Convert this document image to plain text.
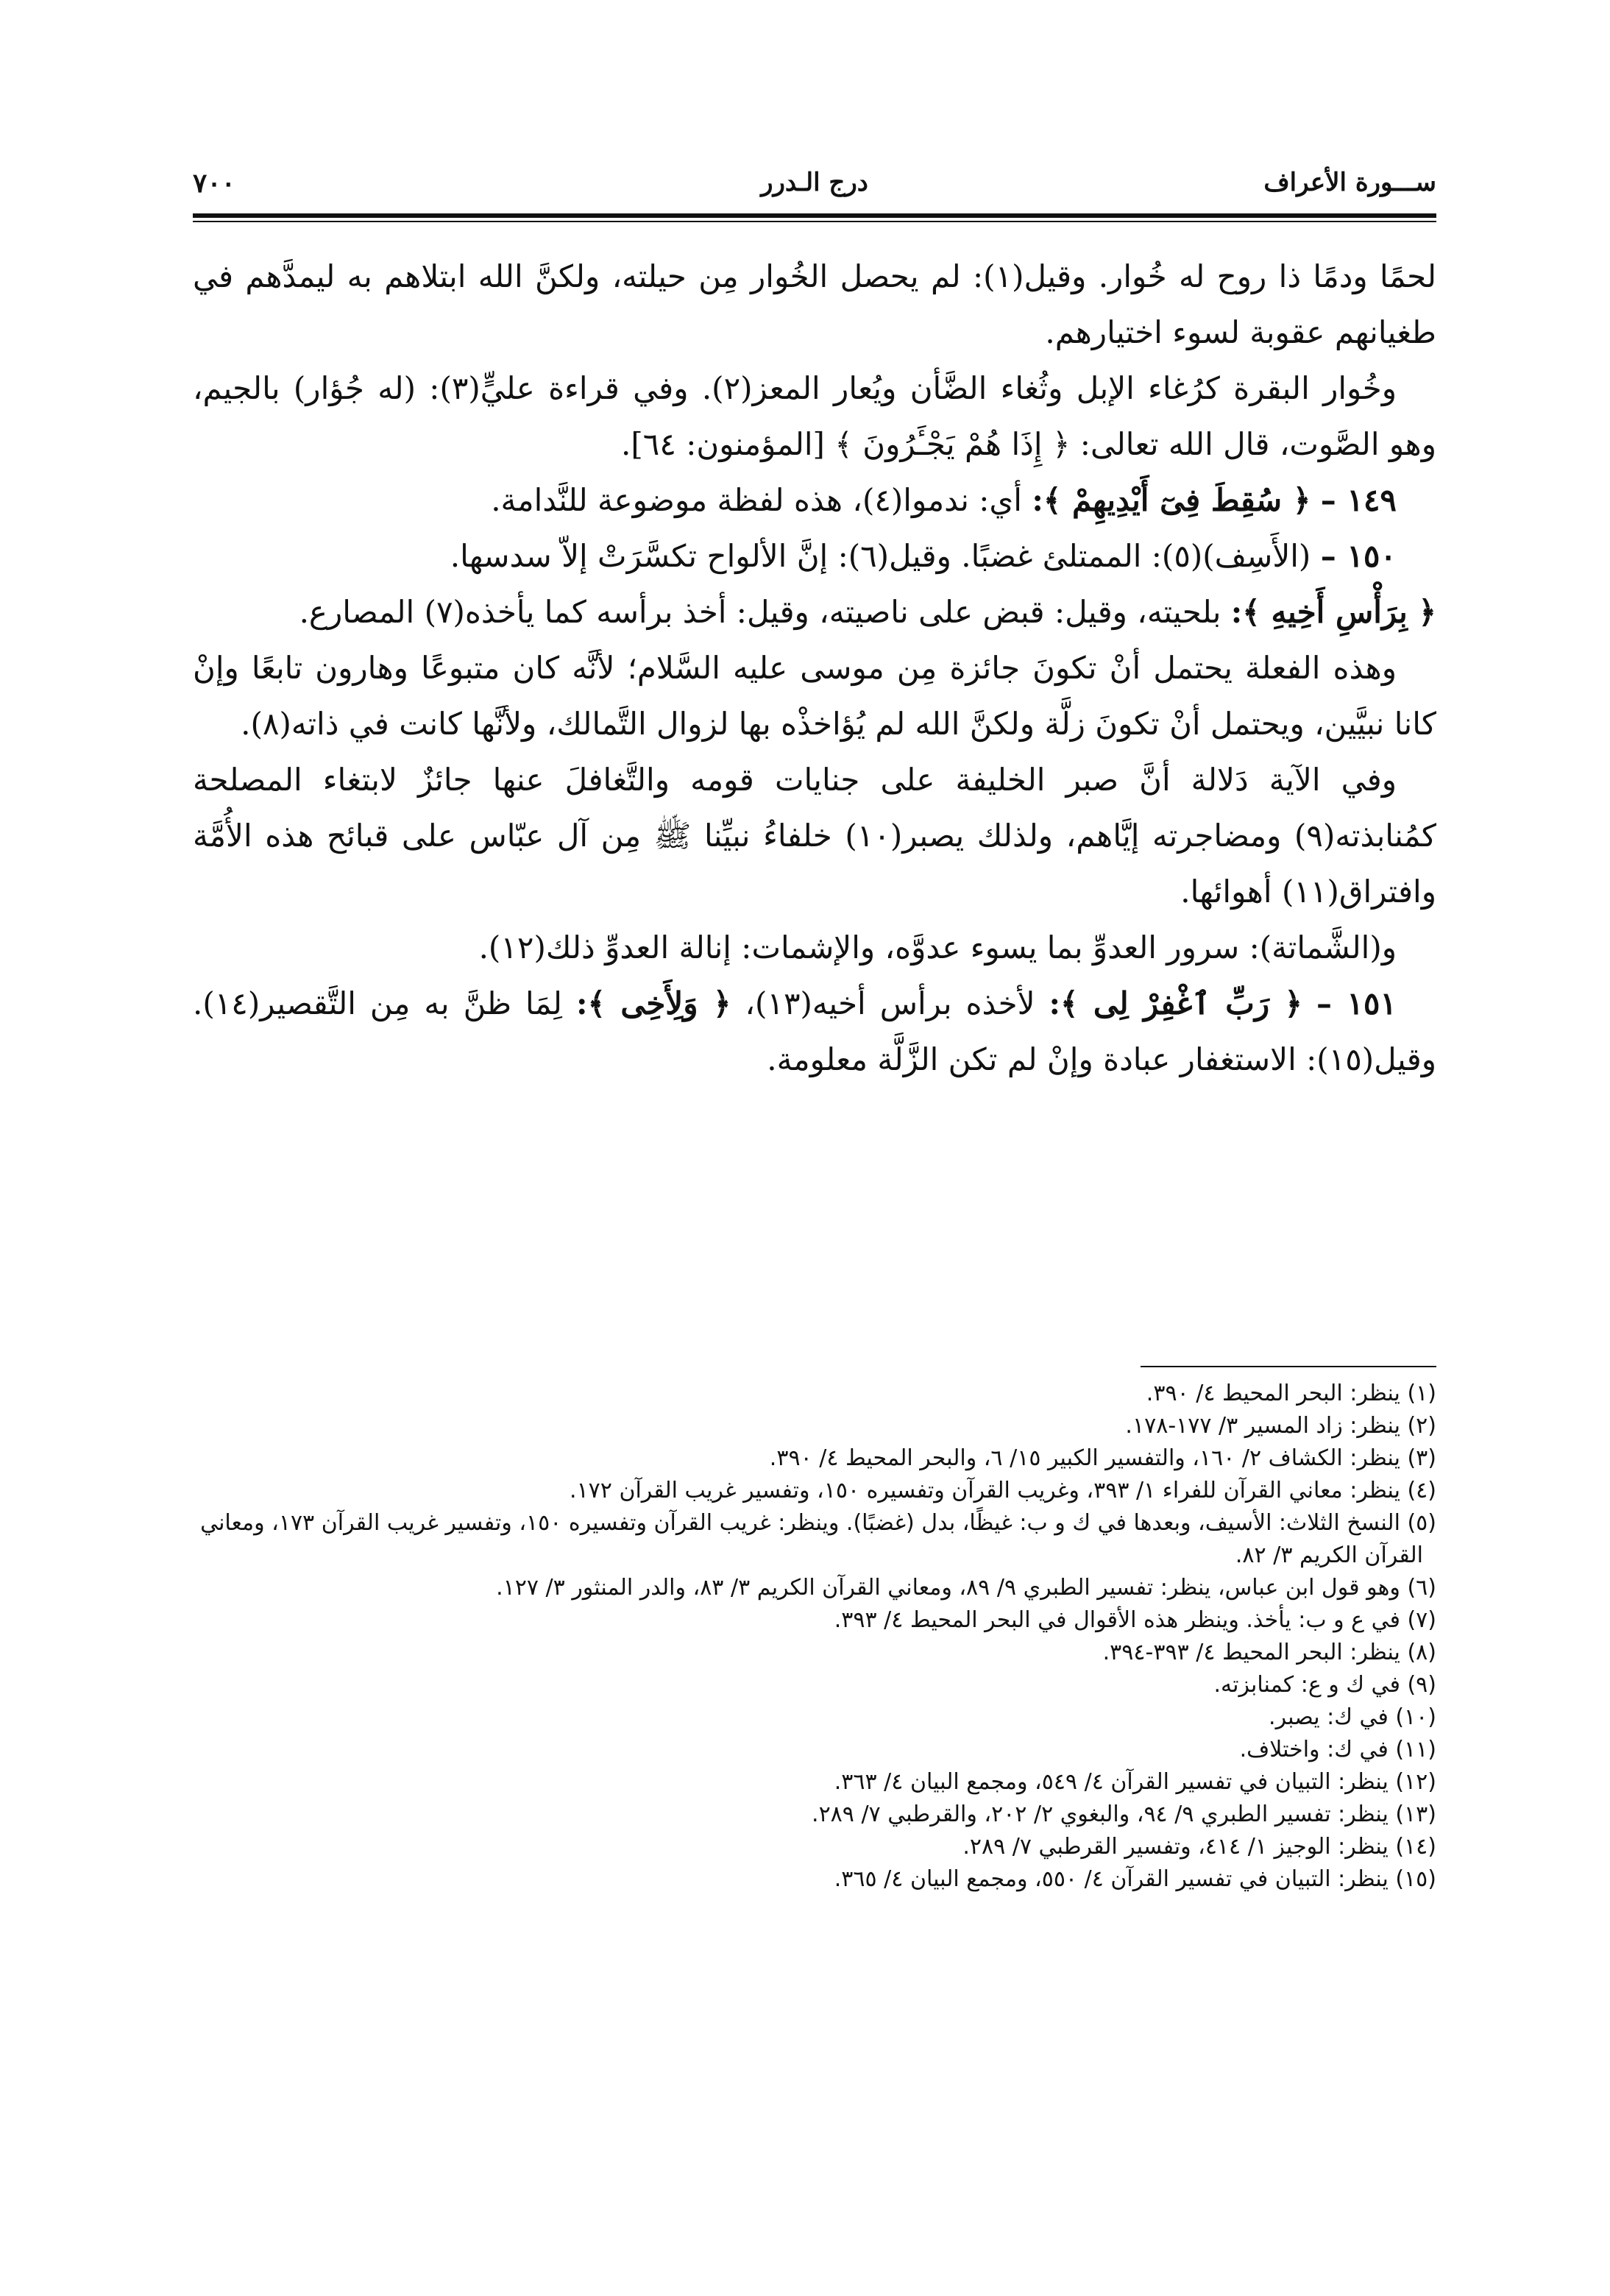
٧٠٠	درج الـدرر	ســـورة الأعراف

لحمًا ودمًا ذا روح له خُوار. وقيل(١): لم يحصل الخُوار مِن حيلته، ولكنَّ الله ابتلاهم به ليمدَّهم في طغيانهم عقوبة لسوء اختيارهم.

وخُوار البقرة كرُغاء الإبل وثُغاء الضَّأن ويُعار المعز(٢). وفي قراءة عليٍّ(٣): (له جُؤار) بالجيم، وهو الصَّوت، قال الله تعالى: ﴿ إِذَا هُمْ يَجْـَٔرُونَ ﴾ [المؤمنون: ٦٤].

١٤٩ – ﴿ سُقِطَ فِىٓ أَيْدِيهِمْ ﴾: أي: ندموا(٤)، هذه لفظة موضوعة للنَّدامة.

١٥٠ – (الأَسِف)(٥): الممتلئ غضبًا. وقيل(٦): إنَّ الألواح تكسَّرَتْ إلاّ سدسها.

﴿ بِرَأْسِ أَخِيهِ ﴾: بلحيته، وقيل: قبض على ناصيته، وقيل: أخذ برأسه كما يأخذه(٧) المصارع.

وهذه الفعلة يحتمل أنْ تكونَ جائزة مِن موسى عليه السَّلام؛ لأنَّه كان متبوعًا وهارون تابعًا وإنْ كانا نبيَّين، ويحتمل أنْ تكونَ زلَّة ولكنَّ الله لم يُؤاخذْه بها لزوال التَّمالك، ولأنَّها كانت في ذاته(٨).

وفي الآية دَلالة أنَّ صبر الخليفة على جنايات قومه والتَّغافلَ عنها جائزٌ لابتغاء المصلحة كمُنابذته(٩) ومضاجرته إيَّاهم، ولذلك يصبر(١٠) خلفاءُ نبيِّنا ﷺ مِن آل عبّاس على قبائح هذه الأُمَّة وافتراق(١١) أهوائها.

و(الشَّماتة): سرور العدوِّ بما يسوء عدوَّه، والإشمات: إنالة العدوِّ ذلك(١٢).

١٥١ – ﴿ رَبِّ ٱغْفِرْ لِى ﴾: لأخذه برأس أخيه(١٣)، ﴿ وَلِأَخِى ﴾: لِمَا ظنَّ به مِن التَّقصير(١٤). وقيل(١٥): الاستغفار عبادة وإنْ لم تكن الزَّلَّة معلومة.

(١) ينظر: البحر المحيط ٤/ ٣٩٠.

(٢) ينظر: زاد المسير ٣/ ١٧٧-١٧٨.

(٣) ينظر: الكشاف ٢/ ١٦٠، والتفسير الكبير ١٥/ ٦، والبحر المحيط ٤/ ٣٩٠.

(٤) ينظر: معاني القرآن للفراء ١/ ٣٩٣، وغريب القرآن وتفسيره ١٥٠، وتفسير غريب القرآن ١٧٢.

(٥) النسخ الثلاث: الأسيف، وبعدها في ك و ب: غيظًا، بدل (غضبًا). وينظر: غريب القرآن وتفسيره ١٥٠، وتفسير غريب القرآن ١٧٣، ومعاني القرآن الكريم ٣/ ٨٢.

(٦) وهو قول ابن عباس، ينظر: تفسير الطبري ٩/ ٨٩، ومعاني القرآن الكريم ٣/ ٨٣، والدر المنثور ٣/ ١٢٧.

(٧) في ع و ب: يأخذ. وينظر هذه الأقوال في البحر المحيط ٤/ ٣٩٣.

(٨) ينظر: البحر المحيط ٤/ ٣٩٣-٣٩٤.

(٩) في ك و ع: كمنابزته.

(١٠) في ك: يصبر.

(١١) في ك: واختلاف.

(١٢) ينظر: التبيان في تفسير القرآن ٤/ ٥٤٩، ومجمع البيان ٤/ ٣٦٣.

(١٣) ينظر: تفسير الطبري ٩/ ٩٤، والبغوي ٢/ ٢٠٢، والقرطبي ٧/ ٢٨٩.

(١٤) ينظر: الوجيز ١/ ٤١٤، وتفسير القرطبي ٧/ ٢٨٩.

(١٥) ينظر: التبيان في تفسير القرآن ٤/ ٥٥٠، ومجمع البيان ٤/ ٣٦٥.
